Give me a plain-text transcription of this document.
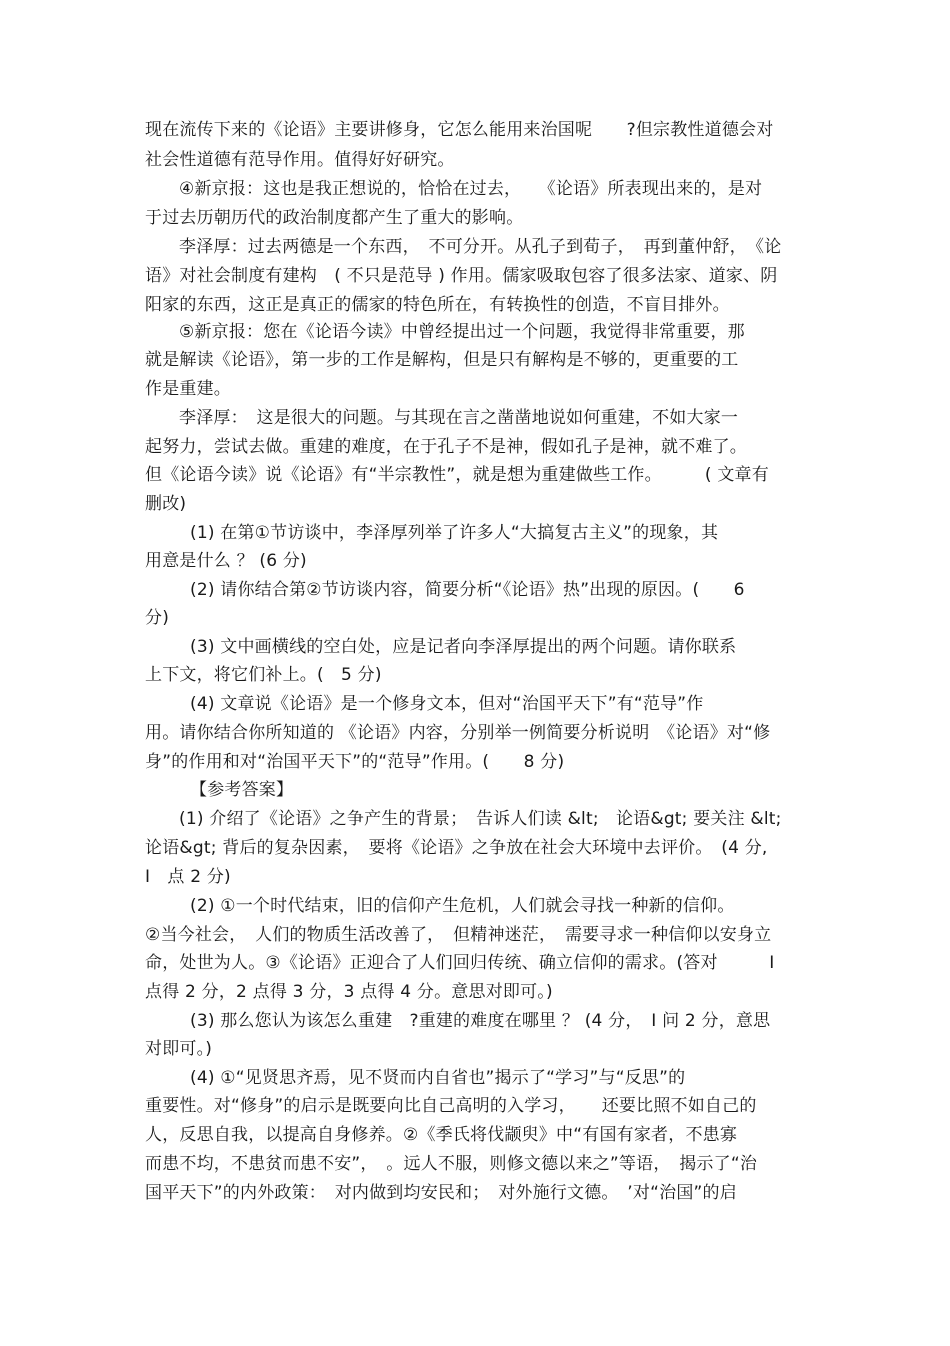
现在流传下来的《论语》主要讲修身，它怎么能用来治国呢　　?但宗教性道德会对
社会性道德有范导作用。值得好好研究。
④新京报：这也是我正想说的，恰恰在过去，　　《论语》所表现出来的，是对
于过去历朝历代的政治制度都产生了重大的影响。
李泽厚：过去两德是一个东西，　不可分开。从孔子到荀子，　再到董仲舒，　《论
语》对社会制度有建构　( 不只是范导 ) 作用。儒家吸取包容了很多法家、道家、阴
阳家的东西，这正是真正的儒家的特色所在，有转换性的创造，不盲目排外。
⑤新京报：您在《论语今读》中曾经提出过一个问题，我觉得非常重要，那
就是解读《论语》，第一步的工作是解构，但是只有解构是不够的，更重要的工
作是重建。
李泽厚：　这是很大的问题。与其现在言之凿凿地说如何重建，不如大家一
起努力，尝试去做。重建的难度，在于孔子不是神，假如孔子是神，就不难了。
但《论语今读》说《论语》有“半宗教性”，就是想为重建做些工作。　　　( 文章有
删改)
(1) 在第①节访谈中，李泽厚列举了许多人“大搞复古主义”的现象，其
用意是什么 ？ (6 分)
(2) 请你结合第②节访谈内容，简要分析“《论语》热”出现的原因。(　　6
分)
(3) 文中画横线的空白处，应是记者向李泽厚提出的两个问题。请你联系
上下文，将它们补上。(　5 分)
(4) 文章说《论语》是一个修身文本，但对“治国平天下”有“范导”作
用。请你结合你所知道的 《论语》内容，分别举一例简要分析说明　《论语》对“修
身”的作用和对“治国平天下”的“范导”作用。(　　8 分)
【参考答案】
(1) 介绍了《论语》之争产生的背景；　告诉人们读 &lt;　论语&gt; 要关注 &lt;
论语&gt; 背后的复杂因素，　要将《论语》之争放在社会大环境中去评价。　(4 分,
I　点 2 分)
(2) ①一个时代结束，旧的信仰产生危机，人们就会寻找一种新的信仰。
②当今社会，　人们的物质生活改善了，　但精神迷茫，　需要寻求一种信仰以安身立
命，处世为人。③《论语》正迎合了人们回归传统、确立信仰的需求。(答对　　　I
点得 2 分，2 点得 3 分，3 点得 4 分。意思对即可。)
(3) 那么您认为该怎么重建　?重建的难度在哪里 ？ (4 分，　I 问 2 分，意思
对即可。)
(4) ①“见贤思齐焉，见不贤而内自省也”揭示了“学习”与“反思”的
重要性。对“修身”的启示是既要向比自己高明的入学习，　　还要比照不如自己的
人，反思自我，以提高自身修养。②《季氏将伐颛臾》中“有国有家者，不患寡
而患不均，不患贫而患不安”，　。远人不服，则修文德以来之”等语，　揭示了“治
国平天下”的内外政策：　对内做到均安民和；　对外施行文德。　’对“治国”的启
